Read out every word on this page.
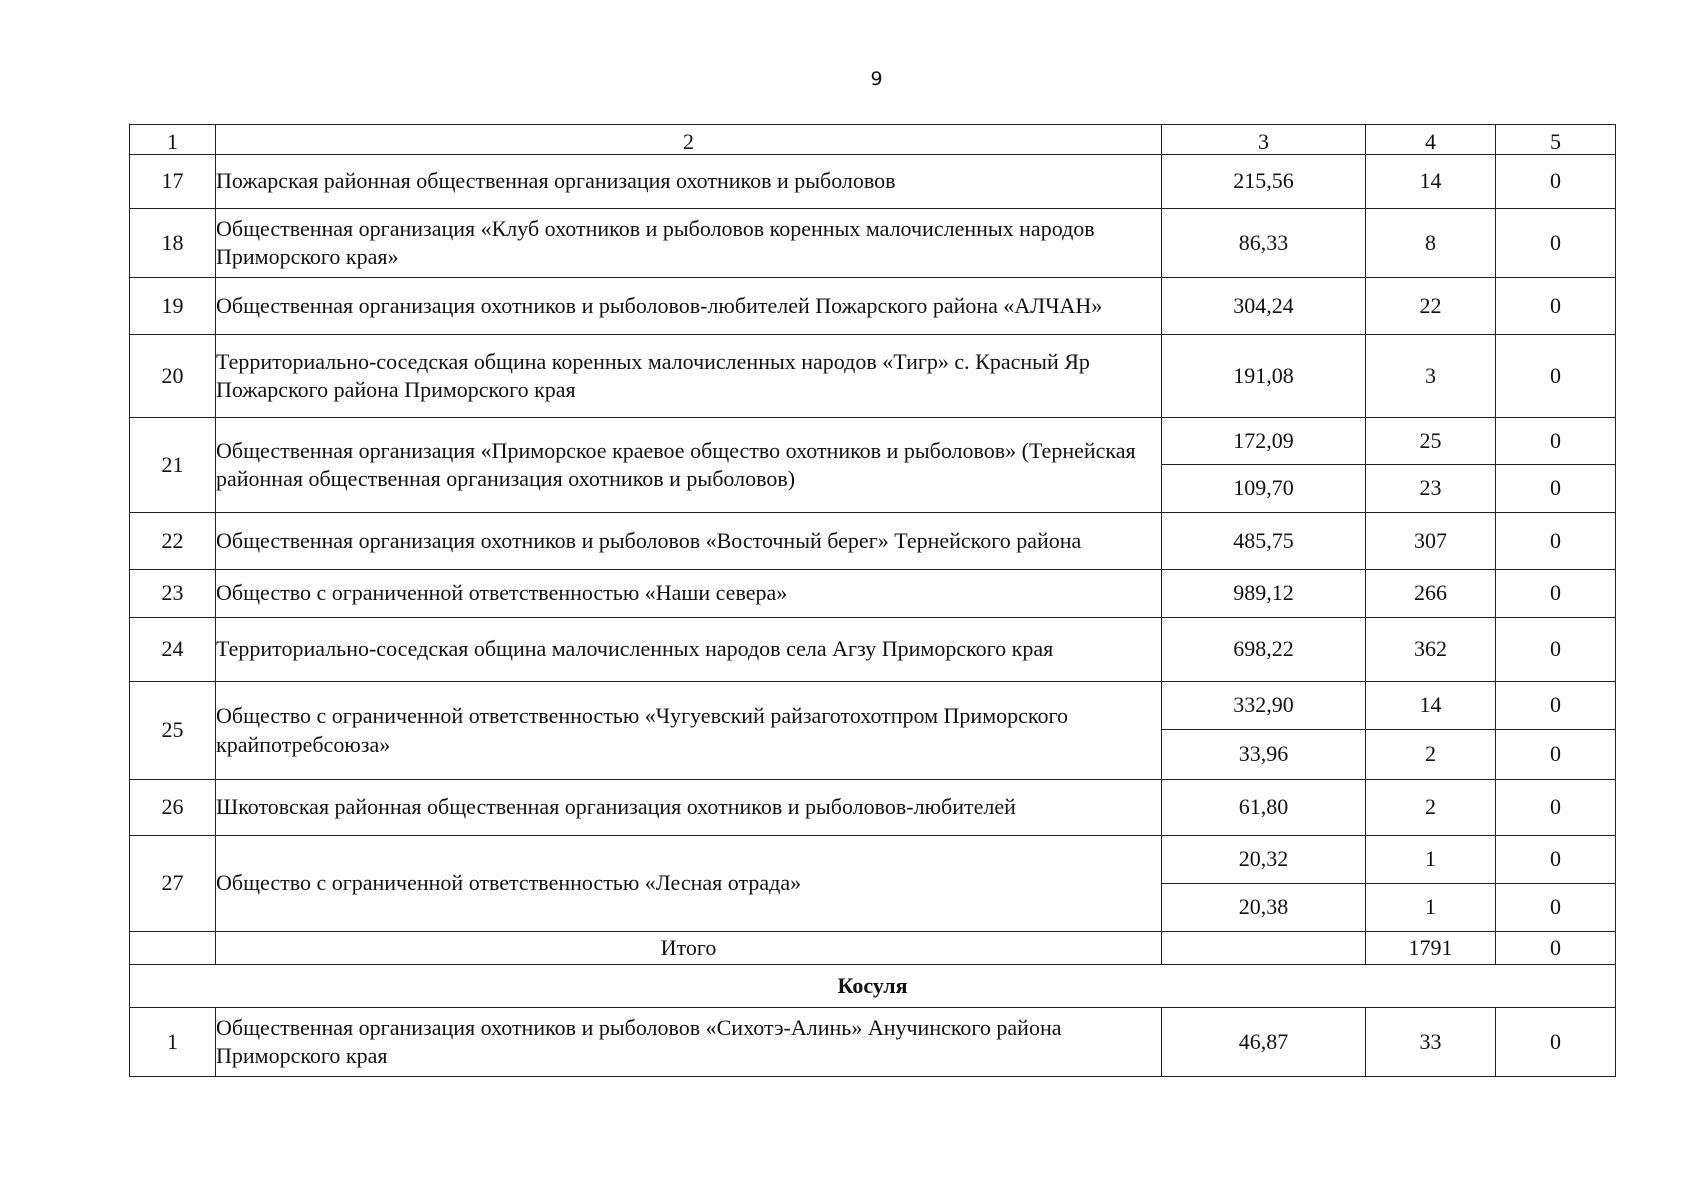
9
1	2	3	4	5
17	Пожарская районная общественная организация охотников и рыболовов	215,56	14	0
18	Общественная организация «Клуб охотников и рыболовов коренных малочисленных народов Приморского края»	86,33	8	0
19	Общественная организация охотников и рыболовов-любителей Пожарского района «АЛЧАН»	304,24	22	0
20	Территориально-соседская община коренных малочисленных народов «Тигр» с. Красный Яр Пожарского района Приморского края	191,08	3	0
21	Общественная организация «Приморское краевое общество охотников и рыболовов» (Тернейская районная общественная организация охотников и рыболовов)	172,09	25	0
		109,70	23	0
22	Общественная организация охотников и рыболовов «Восточный берег» Тернейского района	485,75	307	0
23	Общество с ограниченной ответственностью «Наши севера»	989,12	266	0
24	Территориально-соседская община малочисленных народов села Агзу Приморского края	698,22	362	0
25	Общество с ограниченной ответственностью «Чугуевский райзаготохотпром Приморского крайпотребсоюза»	332,90	14	0
		33,96	2	0
26	Шкотовская районная общественная организация охотников и рыболовов-любителей	61,80	2	0
27	Общество с ограниченной ответственностью «Лесная отрада»	20,32	1	0
		20,38	1	0
	Итого		1791	0
Косуля				
1	Общественная организация охотников и рыболовов «Сихотэ-Алинь» Анучинского района Приморского края	46,87	33	0
